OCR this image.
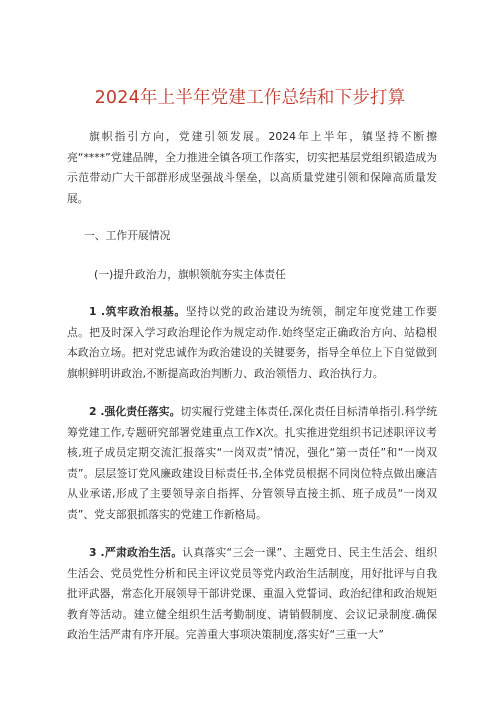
2024年上半年党建工作总结和下步打算

旗帜指引方向，党建引领发展。2024年上半年，镇坚持不断擦亮“****”党建品牌，全力推进全镇各项工作落实，切实把基层党组织锻造成为示范带动广大干部群形成坚强战斗堡垒，以高质量党建引领和保障高质量发展。

一、工作开展情况

(一)提升政治力，旗帜领航夯实主体责任

1 .筑牢政治根基。坚持以党的政治建设为统领，制定年度党建工作要点。把及时深入学习政治理论作为规定动作.始终坚定正确政治方向、站稳根本政治立场。把对党忠诚作为政治建设的关键要务，指导全单位上下自觉做到旗帜鲜明讲政治,不断提高政治判断力、政治领悟力、政治执行力。

2 .强化责任落实。切实履行党建主体责任,深化责任目标清单指引.科学统筹党建工作,专题研究部署党建重点工作X次。扎实推进党组织书记述职评议考核,班子成员定期交流汇报落实“一岗双责”情况，强化“第一责任”和“一岗双责”。层层签订党风廉政建设目标责任书,全体党员根据不同岗位特点做出廉洁从业承诺,形成了主要领导亲自指挥、分管领导直接主抓、班子成员“一岗双责”、党支部狠抓落实的党建工作新格局。

3 .严肃政治生活。认真落实“三会一课”、主题党日、民主生活会、组织生活会、党员党性分析和民主评议党员等党内政治生活制度，用好批评与自我批评武器，常态化开展领导干部讲党课、重温入党誓词、政治纪律和政治规矩教育等活动。建立健全组织生活考勤制度、请销假制度、会议记录制度.确保政治生活严肃有序开展。完善重大事项决策制度,落实好“三重一大”
